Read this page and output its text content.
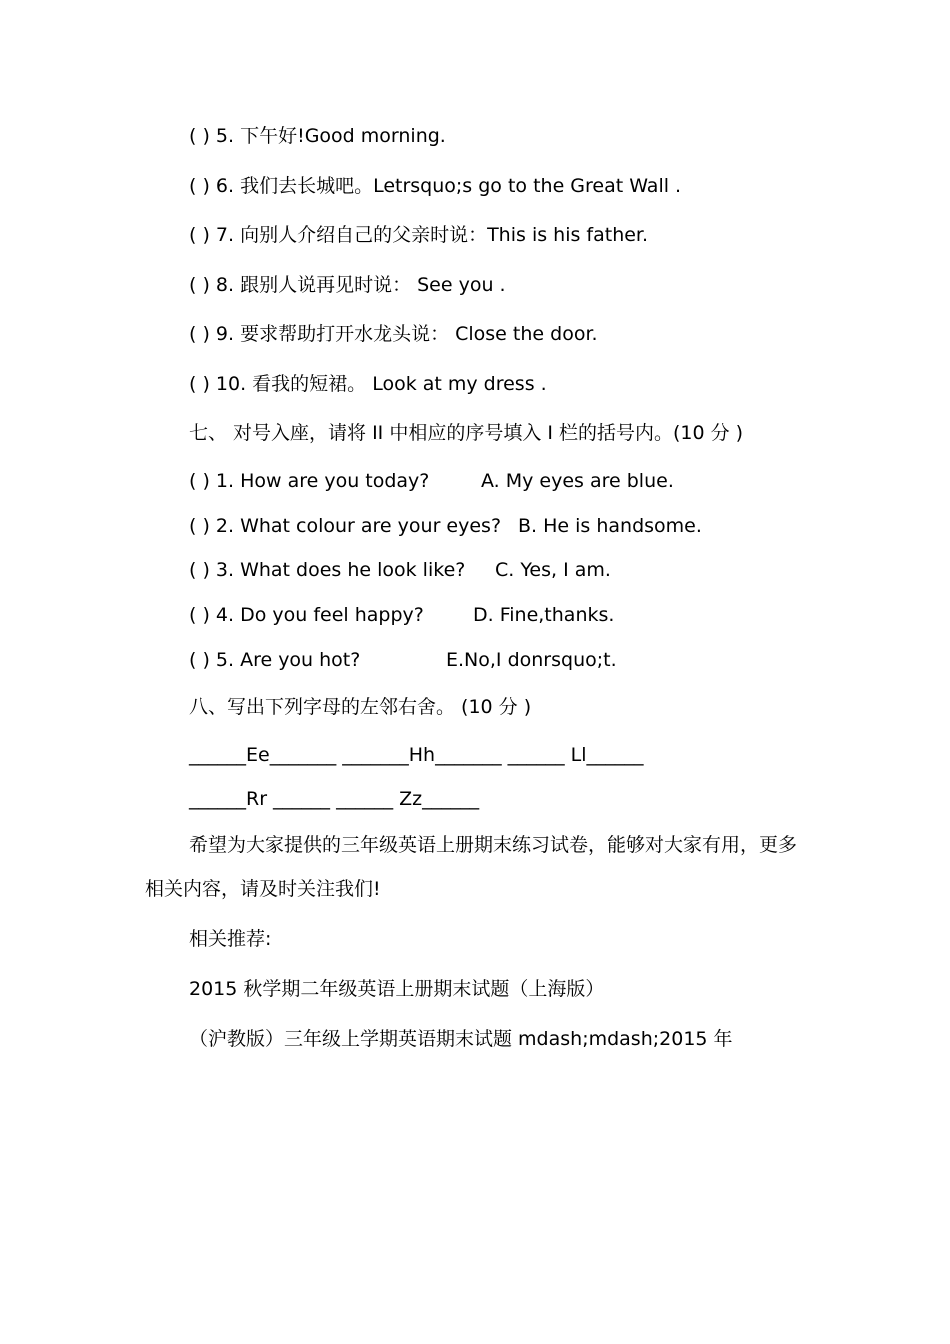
( ) 5. 下午好!Good morning.
( ) 6. 我们去长城吧。Letrsquo;s go to the Great Wall .
( ) 7. 向别人介绍自己的父亲时说：This is his father.
( ) 8. 跟别人说再见时说： See you .
( ) 9. 要求帮助打开水龙头说： Close the door.
( ) 10. 看我的短裙。 Look at my dress .
七、 对号入座，请将 II 中相应的序号填入 I 栏的括号内。(10 分 )
( ) 1. How are you today?	A. My eyes are blue.
( ) 2. What colour are your eyes? B. He is handsome.
( ) 3. What does he look like? C. Yes, I am.
( ) 4. Do you feel happy?	D. Fine,thanks.
( ) 5. Are you hot?	E.No,I donrsquo;t.
八、写出下列字母的左邻右舍。 (10 分 )
______Ee_______ _______Hh_______ ______ Ll______
______Rr ______ ______ Zz______
希望为大家提供的三年级英语上册期末练习试卷，能够对大家有用，更多相关内容，请及时关注我们!
相关推荐:
2015 秋学期二年级英语上册期末试题（上海版）
（沪教版）三年级上学期英语期末试题 mdash;mdash;2015 年
